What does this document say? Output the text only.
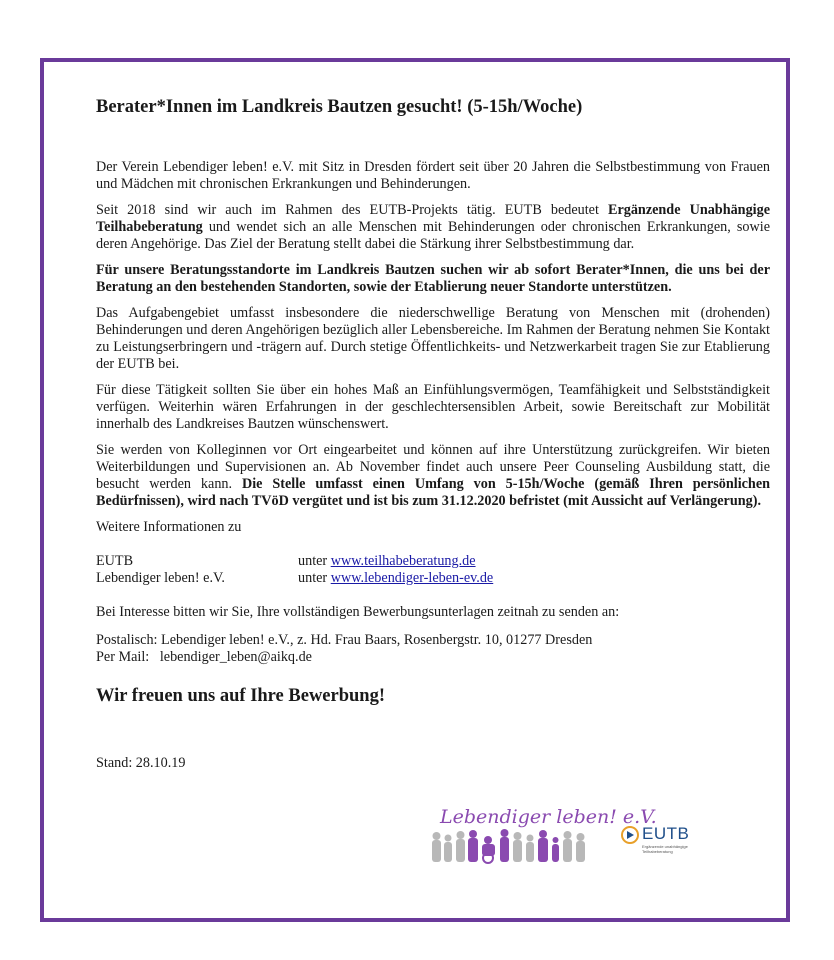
Berater*Innen im Landkreis Bautzen gesucht! (5-15h/Woche)

Der Verein Lebendiger leben! e.V. mit Sitz in Dresden fördert seit über 20 Jahren die Selbstbestimmung von Frauen und Mädchen mit chronischen Erkrankungen und Behinderungen.

Seit 2018 sind wir auch im Rahmen des EUTB-Projekts tätig. EUTB bedeutet Ergänzende Unabhängige Teilhabeberatung und wendet sich an alle Menschen mit Behinderungen oder chronischen Erkrankungen, sowie deren Angehörige. Das Ziel der Beratung stellt dabei die Stärkung ihrer Selbstbestimmung dar.

Für unsere Beratungsstandorte im Landkreis Bautzen suchen wir ab sofort Berater*Innen, die uns bei der Beratung an den bestehenden Standorten, sowie der Etablierung neuer Standorte unterstützen.

Das Aufgabengebiet umfasst insbesondere die niederschwellige Beratung von Menschen mit (drohenden) Behinderungen und deren Angehörigen bezüglich aller Lebensbereiche. Im Rahmen der Beratung nehmen Sie Kontakt zu Leistungserbringern und -trägern auf. Durch stetige Öffentlichkeits- und Netzwerkarbeit tragen Sie zur Etablierung der EUTB bei.

Für diese Tätigkeit sollten Sie über ein hohes Maß an Einfühlungsvermögen, Teamfähigkeit und Selbstständigkeit verfügen. Weiterhin wären Erfahrungen in der geschlechtersensiblen Arbeit, sowie Bereitschaft zur Mobilität innerhalb des Landkreises Bautzen wünschenswert.

Sie werden von Kolleginnen vor Ort eingearbeitet und können auf ihre Unterstützung zurückgreifen. Wir bieten Weiterbildungen und Supervisionen an. Ab November findet auch unsere Peer Counseling Ausbildung statt, die besucht werden kann. Die Stelle umfasst einen Umfang von 5-15h/Woche (gemäß Ihren persönlichen Bedürfnissen), wird nach TVöD vergütet und ist bis zum 31.12.2020 befristet (mit Aussicht auf Verlängerung).

Weitere Informationen zu

EUTB	unter
www.teilhabeberatung.de
Lebendiger leben! e.V.	unter
www.lebendiger-leben-ev.de

Bei Interesse bitten wir Sie, Ihre vollständigen Bewerbungsunterlagen zeitnah zu senden an:

Postalisch: Lebendiger leben! e.V., z. Hd. Frau Baars, Rosenbergstr. 10, 01277 Dresden
Per Mail:   lebendiger_leben@aikq.de
Wir freuen uns auf Ihre Bewerbung!
Stand: 28.10.19
Lebendiger leben! e.V.
EUTB
Ergänzende unabhängige Teilhabeberatung
